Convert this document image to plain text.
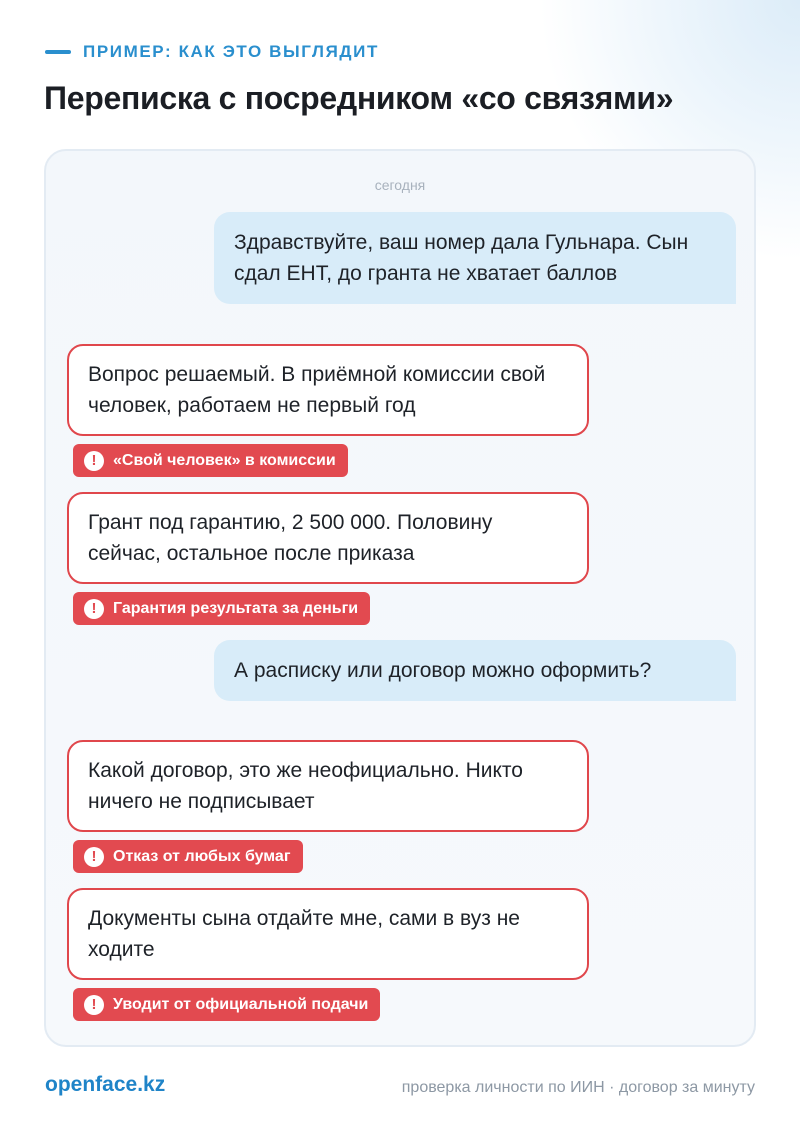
ПРИМЕР: КАК ЭТО ВЫГЛЯДИТ
Переписка с посредником «со связями»
сегодня
Здравствуйте, ваш номер дала Гульнара. Сын сдал ЕНТ, до гранта не хватает баллов
Вопрос решаемый. В приёмной комиссии свой человек, работаем не первый год
!	«Свой человек» в комиссии
Грант под гарантию, 2 500 000. Половину сейчас, остальное после приказа
!	Гарантия результата за деньги
А расписку или договор можно оформить?
Какой договор, это же неофициально. Никто ничего не подписывает
!	Отказ от любых бумаг
Документы сына отдайте мне, сами в вуз не ходите
!	Уводит от официальной подачи
openface.kz	проверка личности по ИИН · договор за минуту
